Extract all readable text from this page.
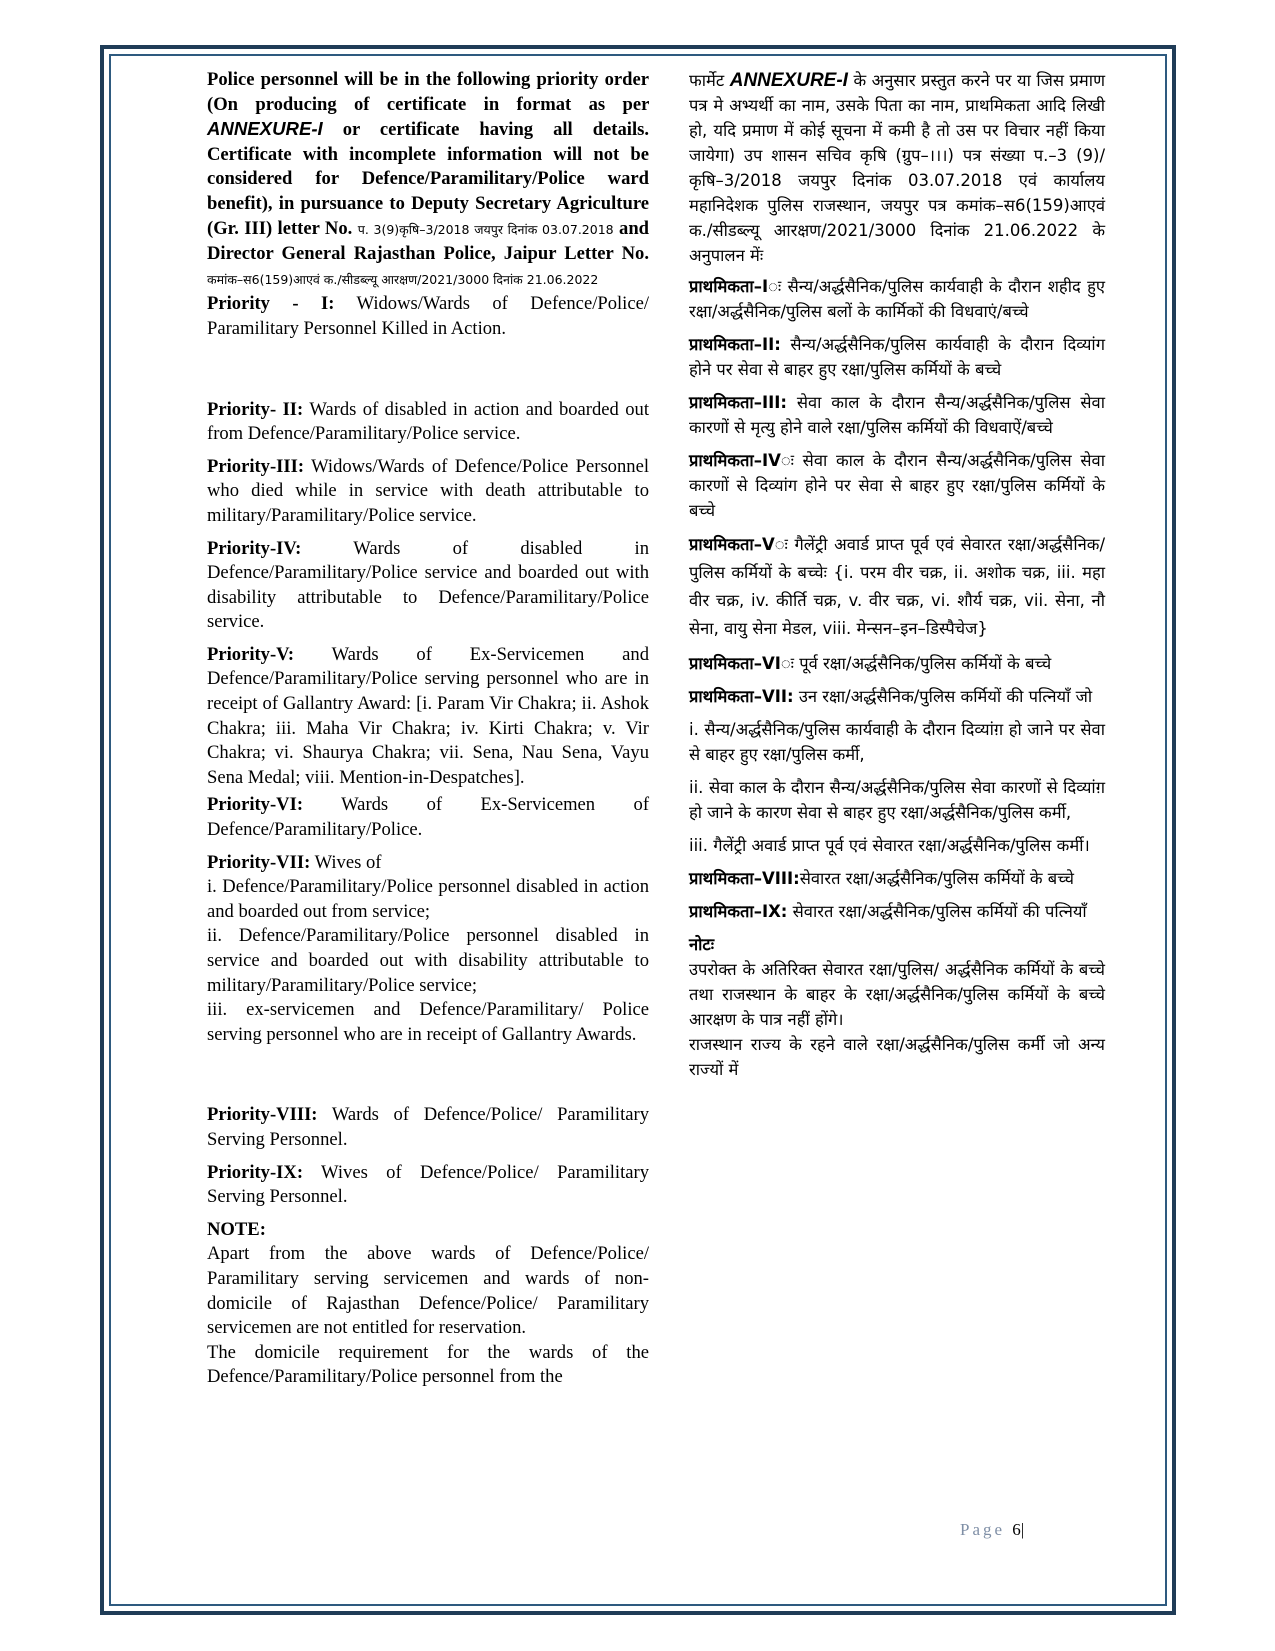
Police personnel will be in the following priority order (On producing of certificate in format as per ANNEXURE-I or certificate having all details. Certificate with incomplete information will not be considered for Defence/Paramilitary/Police ward benefit), in pursuance to Deputy Secretary Agriculture (Gr. III) letter No. प. 3(9)कृषि–3/2018 जयपुर दिनांक 03.07.2018 and Director General Rajasthan Police, Jaipur Letter No. कमांक–स6(159)आएवं क./सीडब्ल्यू आरक्षण/2021/3000 दिनांक 21.06.2022

Priority - I: Widows/Wards of Defence/Police/ Paramilitary Personnel Killed in Action.

Priority- II: Wards of disabled in action and boarded out from Defence/Paramilitary/Police service.

Priority-III: Widows/Wards of Defence/Police Personnel who died while in service with death attributable to military/Paramilitary/Police service.

Priority-IV:	Wards of disabled in Defence/Paramilitary/Police service and boarded out with disability attributable to Defence/Paramilitary/Police service.

Priority-V: Wards of Ex-Servicemen and Defence/Paramilitary/Police serving personnel who are in receipt of Gallantry Award: [i. Param Vir Chakra; ii. Ashok Chakra; iii. Maha Vir Chakra; iv. Kirti Chakra; v. Vir Chakra; vi. Shaurya Chakra; vii. Sena, Nau Sena, Vayu Sena Medal; viii. Mention-in-Despatches].

Priority-VI: Wards of Ex-Servicemen of Defence/Paramilitary/Police.

Priority-VII: Wives of

i. Defence/Paramilitary/Police personnel disabled in action and boarded out from service;

ii. Defence/Paramilitary/Police personnel disabled in service and boarded out with disability attributable to military/Paramilitary/Police service;

iii. ex-servicemen and Defence/Paramilitary/ Police serving personnel who are in receipt of Gallantry Awards.

Priority-VIII: Wards of Defence/Police/ Paramilitary Serving Personnel.

Priority-IX: Wives of Defence/Police/ Paramilitary Serving Personnel.

NOTE:

Apart from the above wards of Defence/Police/ Paramilitary serving servicemen and wards of non-domicile of Rajasthan Defence/Police/ Paramilitary servicemen are not entitled for reservation.

The domicile requirement for the wards of the Defence/Paramilitary/Police personnel from the

फार्मेट ANNEXURE-I के अनुसार प्रस्तुत करने पर या जिस प्रमाण पत्र मे अभ्यर्थी का नाम, उसके पिता का नाम, प्राथमिकता आदि लिखी हो, यदि प्रमाण में कोई सूचना में कमी है तो उस पर विचार नहीं किया जायेगा) उप शासन सचिव कृषि (ग्रुप–।।।) पत्र संख्या प.–3 (9)/कृषि–3/2018 जयपुर दिनांक 03.07.2018 एवं कार्यालय महानिदेशक पुलिस राजस्थान, जयपुर पत्र कमांक–स6(159)आएवं क./सीडब्ल्यू आरक्षण/2021/3000 दिनांक 21.06.2022 के अनुपालन मेंः

प्राथमिकता–Iः सैन्य/अर्द्धसैनिक/पुलिस कार्यवाही के दौरान शहीद हुए रक्षा/अर्द्धसैनिक/पुलिस बलों के कार्मिकों की विधवाएं/बच्चे

प्राथमिकता–II: सैन्य/अर्द्धसैनिक/पुलिस कार्यवाही के दौरान दिव्यांग होने पर सेवा से बाहर हुए रक्षा/पुलिस कर्मियों के बच्चे

प्राथमिकता–III: सेवा काल के दौरान सैन्य/अर्द्धसैनिक/पुलिस सेवा कारणों से मृत्यु होने वाले रक्षा/पुलिस कर्मियों की विधवाऐं/बच्चे

प्राथमिकता–IVः सेवा काल के दौरान सैन्य/अर्द्धसैनिक/पुलिस सेवा कारणों से दिव्यांग होने पर सेवा से बाहर हुए रक्षा/पुलिस कर्मियों के बच्चे

प्राथमिकता–Vः गैलेंट्री अवार्ड प्राप्त पूर्व एवं सेवारत रक्षा/अर्द्धसैनिक/पुलिस कर्मियों के बच्चेः {i. परम वीर चक्र, ii. अशोक चक्र, iii. महा वीर चक्र, iv. कीर्ति चक्र, v. वीर चक्र, vi. शौर्य चक्र, vii. सेना, नौ सेना, वायु सेना मेडल, viii. मेन्सन–इन–डिस्पैचेज}

प्राथमिकता–VIः पूर्व रक्षा/अर्द्धसैनिक/पुलिस कर्मियों के बच्चे

प्राथमिकता–VII: उन रक्षा/अर्द्धसैनिक/पुलिस कर्मियों की पत्नियाँ जो

i. सैन्य/अर्द्धसैनिक/पुलिस कार्यवाही के दौरान दिव्यांग़ हो जाने पर सेवा से बाहर हुए रक्षा/पुलिस कर्मी,

ii. सेवा काल के दौरान सैन्य/अर्द्धसैनिक/पुलिस सेवा कारणों से दिव्यांग़ हो जाने के कारण सेवा से बाहर हुए रक्षा/अर्द्धसैनिक/पुलिस कर्मी,

iii. गैलेंट्री अवार्ड प्राप्त पूर्व एवं सेवारत रक्षा/अर्द्धसैनिक/पुलिस कर्मी।

प्राथमिकता–VIII:सेवारत रक्षा/अर्द्धसैनिक/पुलिस कर्मियों के बच्चे

प्राथमिकता–IX: सेवारत रक्षा/अर्द्धसैनिक/पुलिस कर्मियों की पत्नियाँ

नोटः

उपरोक्त के अतिरिक्त सेवारत रक्षा/पुलिस/ अर्द्धसैनिक कर्मियों के बच्चे तथा राजस्थान के बाहर के रक्षा/अर्द्धसैनिक/पुलिस कर्मियों के बच्चे आरक्षण के पात्र नहीं होंगे।

राजस्थान राज्य के रहने वाले रक्षा/अर्द्धसैनिक/पुलिस कर्मी जो अन्य राज्यों में

Page 6|
